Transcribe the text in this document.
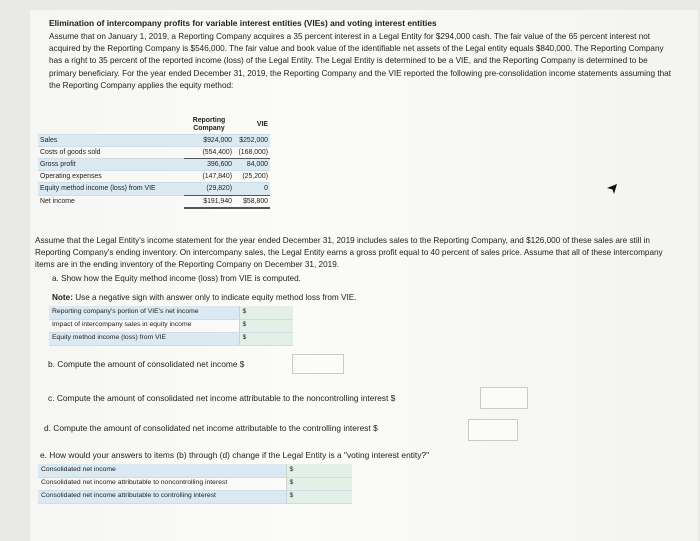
Elimination of intercompany profits for variable interest entities (VIEs) and voting interest entities
Assume that on January 1, 2019, a Reporting Company acquires a 35 percent interest in a Legal Entity for $294,000 cash. The fair value of the 65 percent interest not acquired by the Reporting Company is $546,000. The fair value and book value of the identifiable net assets of the Legal entity equals $840,000. The Reporting Company has a right to 35 percent of the reported income (loss) of the Legal Entity. The Legal Entity is determined to be a VIE, and the Reporting Company is determined to be primary beneficiary. For the year ended December 31, 2019, the Reporting Company and the VIE reported the following pre-consolidation income statements assuming that the Reporting Company applies the equity method:
	Reporting Company	VIE
Sales	$924,000	$252,000
Costs of goods sold	(554,400)	(168,000)
Gross profit	396,600	84,000
Operating expenses	(147,840)	(25,200)
Equity method income (loss) from VIE	(29,820)	0
Net income	$191,940	$58,800
Assume that the Legal Entity's income statement for the year ended December 31, 2019 includes sales to the Reporting Company, and $126,000 of these sales are still in Reporting Company's ending inventory. On intercompany sales, the Legal Entity earns a gross profit equal to 40 percent of sales price. Assume that all of these intercompany items are in the ending inventory of the Reporting Company on December 31, 2019.
a. Show how the Equity method income (loss) from VIE is computed.
Note: Use a negative sign with answer only to indicate equity method loss from VIE.
Reporting company's portion of VIE's net income	$
Impact of intercompany sales in equity income	$
Equity method income (loss) from VIE	$
b. Compute the amount of consolidated net income $
c. Compute the amount of consolidated net income attributable to the noncontrolling interest $
d. Compute the amount of consolidated net income attributable to the controlling interest $
e. How would your answers to items (b) through (d) change if the Legal Entity is a "voting interest entity?"
Consolidated net income	$
Consolidated net income attributable to noncontrolling interest	$
Consolidated net income attributable to controlling interest	$
